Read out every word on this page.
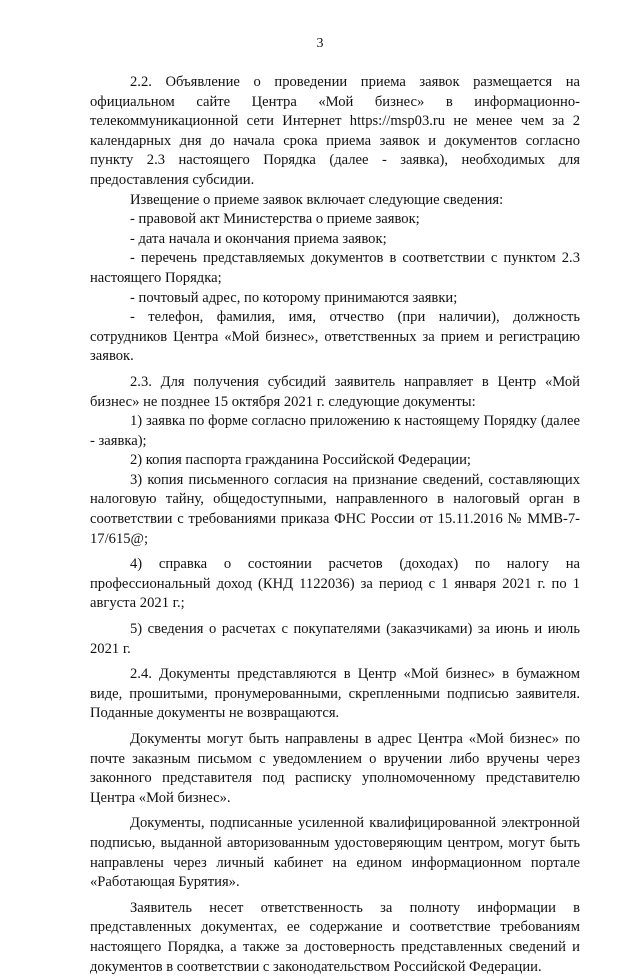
3

2.2. Объявление о проведении приема заявок размещается на официальном сайте Центра «Мой бизнес» в информационно-телекоммуникационной сети Интернет https://msp03.ru не менее чем за 2 календарных дня до начала срока приема заявок и документов согласно пункту 2.3 настоящего Порядка (далее - заявка), необходимых для предоставления субсидии.

Извещение о приеме заявок включает следующие сведения:

- правовой акт Министерства о приеме заявок;

- дата начала и окончания приема заявок;

- перечень представляемых документов в соответствии с пунктом 2.3 настоящего Порядка;

- почтовый адрес, по которому принимаются заявки;

- телефон, фамилия, имя, отчество (при наличии), должность сотрудников Центра «Мой бизнес», ответственных за прием и регистрацию заявок.

2.3. Для получения субсидий заявитель направляет в Центр «Мой бизнес» не позднее 15 октября 2021 г. следующие документы:

1) заявка по форме согласно приложению к настоящему Порядку (далее - заявка);

2) копия паспорта гражданина Российской Федерации;

3) копия письменного согласия на признание сведений, составляющих налоговую тайну, общедоступными, направленного в налоговый орган в соответствии с требованиями приказа ФНС России от 15.11.2016 № ММВ-7-17/615@;

4) справка о состоянии расчетов (доходах) по налогу на профессиональный доход (КНД 1122036) за период с 1 января 2021 г. по 1 августа 2021 г.;

5) сведения о расчетах с покупателями (заказчиками) за июнь и июль 2021 г.

2.4. Документы представляются в Центр «Мой бизнес» в бумажном виде, прошитыми, пронумерованными, скрепленными подписью заявителя. Поданные документы не возвращаются.

Документы могут быть направлены в адрес Центра «Мой бизнес» по почте заказным письмом с уведомлением о вручении либо вручены через законного представителя под расписку уполномоченному представителю Центра «Мой бизнес».

Документы, подписанные усиленной квалифицированной электронной подписью, выданной авторизованным удостоверяющим центром, могут быть направлены через личный кабинет на едином информационном портале «Работающая Бурятия».

Заявитель несет ответственность за полноту информации в представленных документах, ее содержание и соответствие требованиям настоящего Порядка, а также за достоверность представленных сведений и документов в соответствии с законодательством Российской Федерации.
